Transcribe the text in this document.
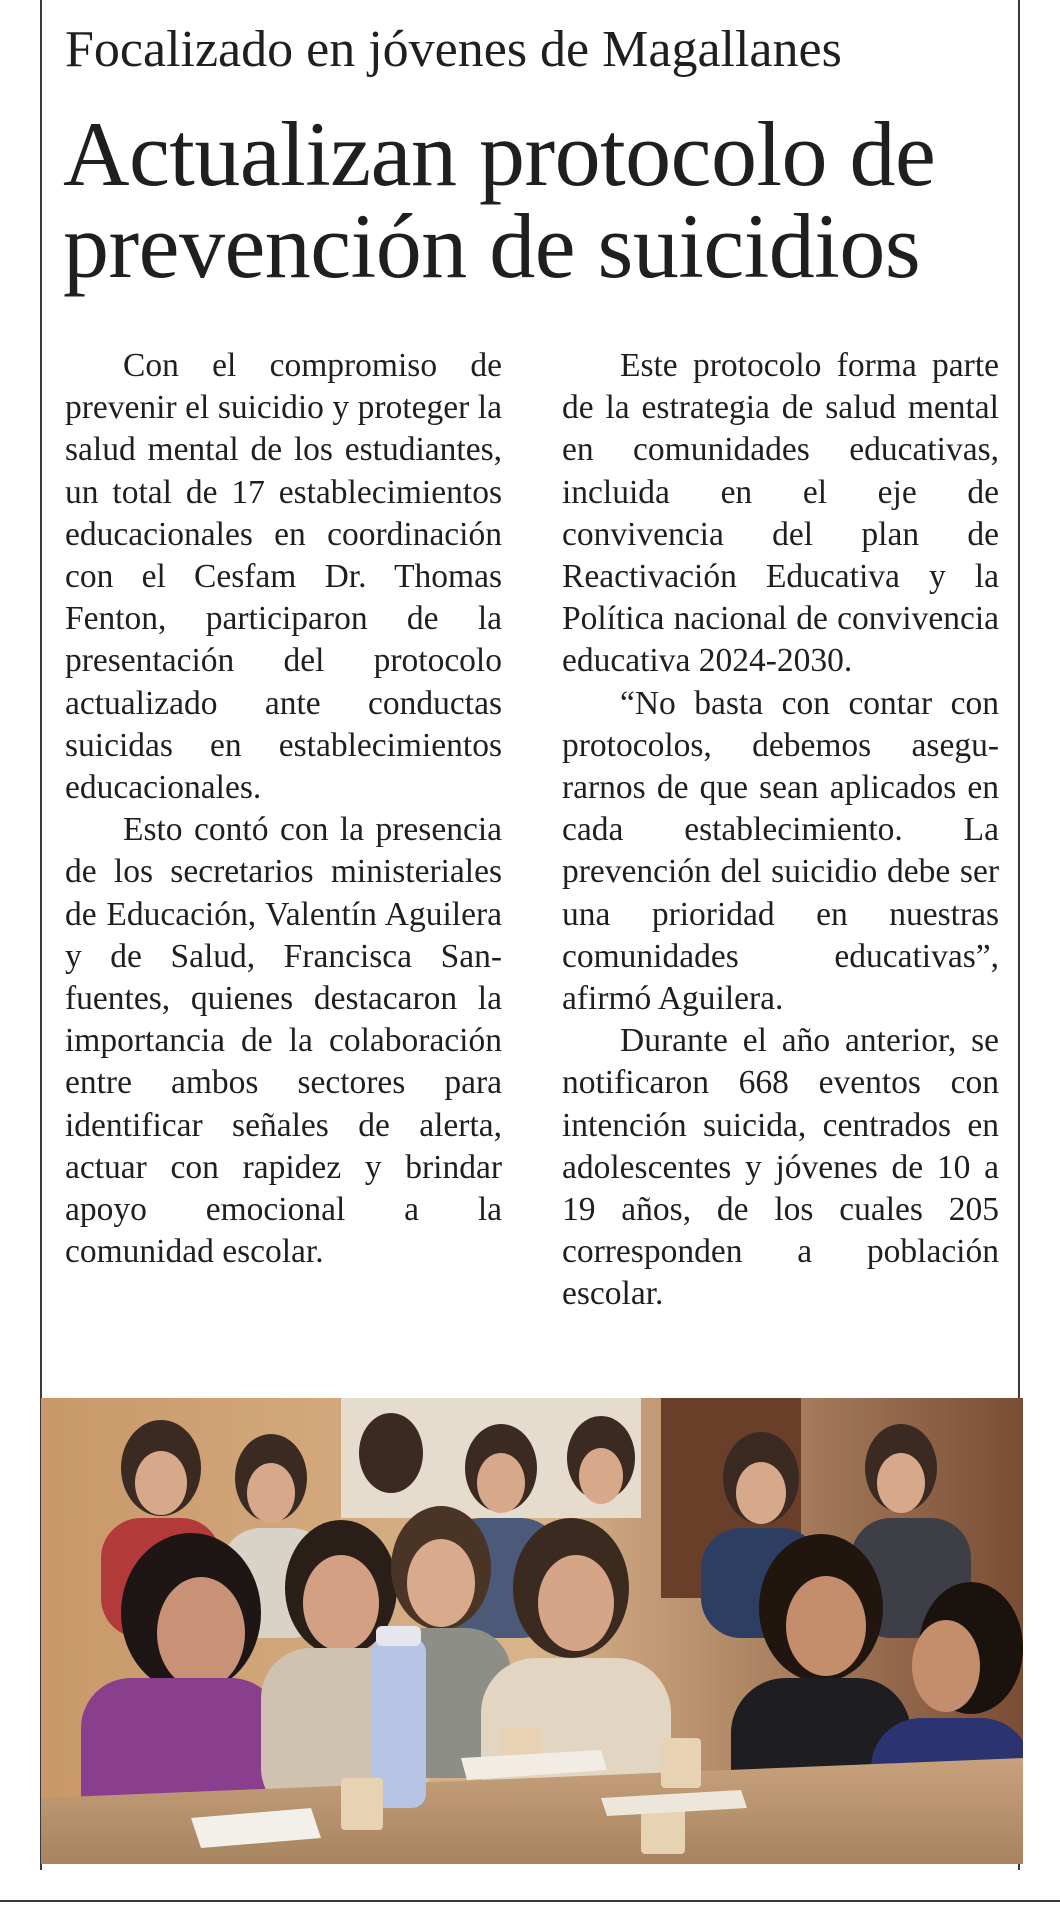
Focalizado en jóvenes de Magallanes
Actualizan protocolo de
prevención de suicidios

Con el compromiso de prevenir el suicidio y proteger la salud mental de los estudiantes, un total de 17 establecimientos educacionales en coordinación con el Cesfam Dr. Thomas Fenton, participaron de la presentación del protocolo actualizado ante conductas suicidas en establecimientos educacionales.

Esto contó con la presencia de los secretarios ministeriales de Educación, Valentín Aguilera y de Salud, Francisca Sanfuentes, quienes destacaron la importancia de la colaboración entre ambos sectores para identificar señales de alerta, actuar con rapidez y brindar apoyo emocional a la comunidad escolar.

Este protocolo forma parte de la estrategia de salud mental en comunidades educativas, incluida en el eje de convivencia del plan de Reactivación Educativa y la Política nacional de convivencia educativa 2024-2030.

“No basta con contar con protocolos, debemos asegurarnos de que sean aplicados en cada establecimiento. La prevención del suicidio debe ser una prioridad en nuestras comunidades educativas”, afirmó Aguilera.

Durante el año anterior, se notificaron 668 eventos con intención suicida, centrados en adolescentes y jóvenes de 10 a 19 años, de los cuales 205 corresponden a población escolar.
